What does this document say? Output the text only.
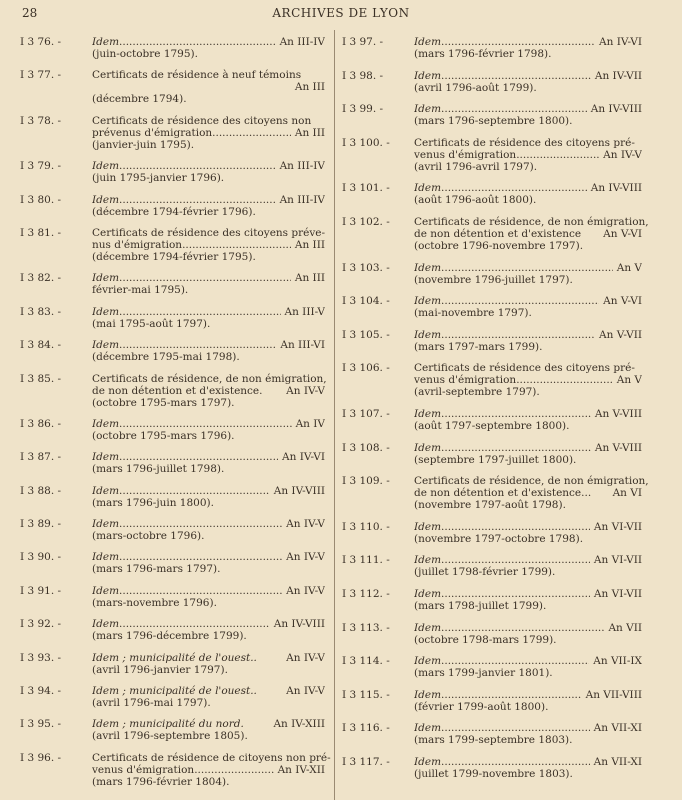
28	ARCHIVES DE LYON
I 3 76. -	Idem .....	An III-IV
(juin-octobre 1795).
I 3 77. -	Certificats de résidence à neuf témoins
An III
(décembre 1794).
I 3 78. -	Certificats de résidence des citoyens non
prévenus d'émigration .....	An III
(janvier-juin 1795).
I 3 79. -	Idem .....	An III-IV
(juin 1795-janvier 1796).
I 3 80. -	Idem .....	An III-IV
(décembre 1794-février 1796).
I 3 81. -	Certificats de résidence des citoyens préve-
nus d'émigration .....	An III
(décembre 1794-février 1795).
I 3 82. -	Idem .....	An III
février-mai 1795).
I 3 83. -	Idem .....	An III-V
(mai 1795-août 1797).
I 3 84. -	Idem .....	An III-VI
(décembre 1795-mai 1798).
I 3 85. -	Certificats de résidence, de non émigration,
de non détention et d'existence.	An IV-V
(octobre 1795-mars 1797).
I 3 86. -	Idem .....	An IV
(octobre 1795-mars 1796).
I 3 87. -	Idem .....	An IV-VI
(mars 1796-juillet 1798).
I 3 88. -	Idem .....	An IV-VIII
(mars 1796-juin 1800).
I 3 89. -	Idem .....	An IV-V
(mars-octobre 1796).
I 3 90. -	Idem .....	An IV-V
(mars 1796-mars 1797).
I 3 91. -	Idem .....	An IV-V
(mars-novembre 1796).
I 3 92. -	Idem .....	An IV-VIII
(mars 1796-décembre 1799).
I 3 93. -	Idem ; municipalité de l'ouest..	An IV-V
(avril 1796-janvier 1797).
I 3 94. -	Idem ; municipalité de l'ouest..	An IV-V
(avril 1796-mai 1797).
I 3 95. -	Idem ; municipalité du nord.	An IV-XIII
(avril 1796-septembre 1805).
I 3 96. -	Certificats de résidence de citoyens non pré-
venus d'émigration .....	An IV-XII
(mars 1796-février 1804).
I 3 97. -	Idem .....	An IV-VI
(mars 1796-février 1798).
I 3 98. -	Idem .....	An IV-VII
(avril 1796-août 1799).
I 3 99. -	Idem .....	An IV-VIII
(mars 1796-septembre 1800).
I 3 100. - Certificats de résidence des citoyens pré-
venus d'émigration .....	An IV-V
(avril 1796-avril 1797).
I 3 101. - Idem .....	An IV-VIII
(août 1796-août 1800).
I 3 102. - Certificats de résidence, de non émigration,
de non détention et d'existence	An V-VI
(octobre 1796-novembre 1797).
I 3 103. - Idem .....	An V
(novembre 1796-juillet 1797).
I 3 104. - Idem .....	An V-VI
(mai-novembre 1797).
I 3 105. - Idem .....	An V-VII
(mars 1797-mars 1799).
I 3 106. - Certificats de résidence des citoyens pré-
venus d'émigration .....	An V
(avril-septembre 1797).
I 3 107. - Idem .....	An V-VIII
(août 1797-septembre 1800).
I 3 108. - Idem .....	An V-VIII
(septembre 1797-juillet 1800).
I 3 109. - Certificats de résidence, de non émigration,
de non détention et d'existence...	An VI
(novembre 1797-août 1798).
I 3 110. - Idem .....	An VI-VII
(novembre 1797-octobre 1798).
I 3 111. - Idem .....	An VI-VII
(juillet 1798-février 1799).
I 3 112. - Idem .....	An VI-VII
(mars 1798-juillet 1799).
I 3 113. - Idem .....	An VII
(octobre 1798-mars 1799).
I 3 114. - Idem .....	An VII-IX
(mars 1799-janvier 1801).
I 3 115. - Idem .....	An VII-VIII
(février 1799-août 1800).
I 3 116. - Idem .....	An VII-XI
(mars 1799-septembre 1803).
I 3 117. - Idem .....	An VII-XI
(juillet 1799-novembre 1803).
